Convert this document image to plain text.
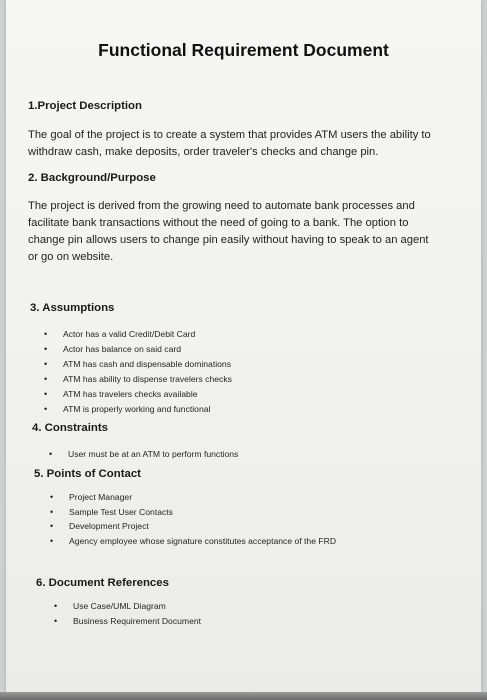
Functional Requirement Document
1.Project Description
The goal of the project is to create a system that provides ATM users the ability to
withdraw cash, make deposits, order traveler's checks and change pin.
2. Background/Purpose
The project is derived from the growing need to automate bank processes and
facilitate bank transactions without the need of going to a bank. The option to
change pin allows users to change pin easily without having to speak to an agent
or go on website.
3. Assumptions
• Actor has a valid Credit/Debit Card
• Actor has balance on said card
• ATM has cash and dispensable dominations
• ATM has ability to dispense travelers checks
• ATM has travelers checks available
• ATM is properly working and functional
4. Constraints
• User must be at an ATM to perform functions
5. Points of Contact
• Project Manager
• Sample Test User Contacts
• Development Project
• Agency employee whose signature constitutes acceptance of the FRD
6. Document References
• Use Case/UML Diagram
• Business Requirement Document
